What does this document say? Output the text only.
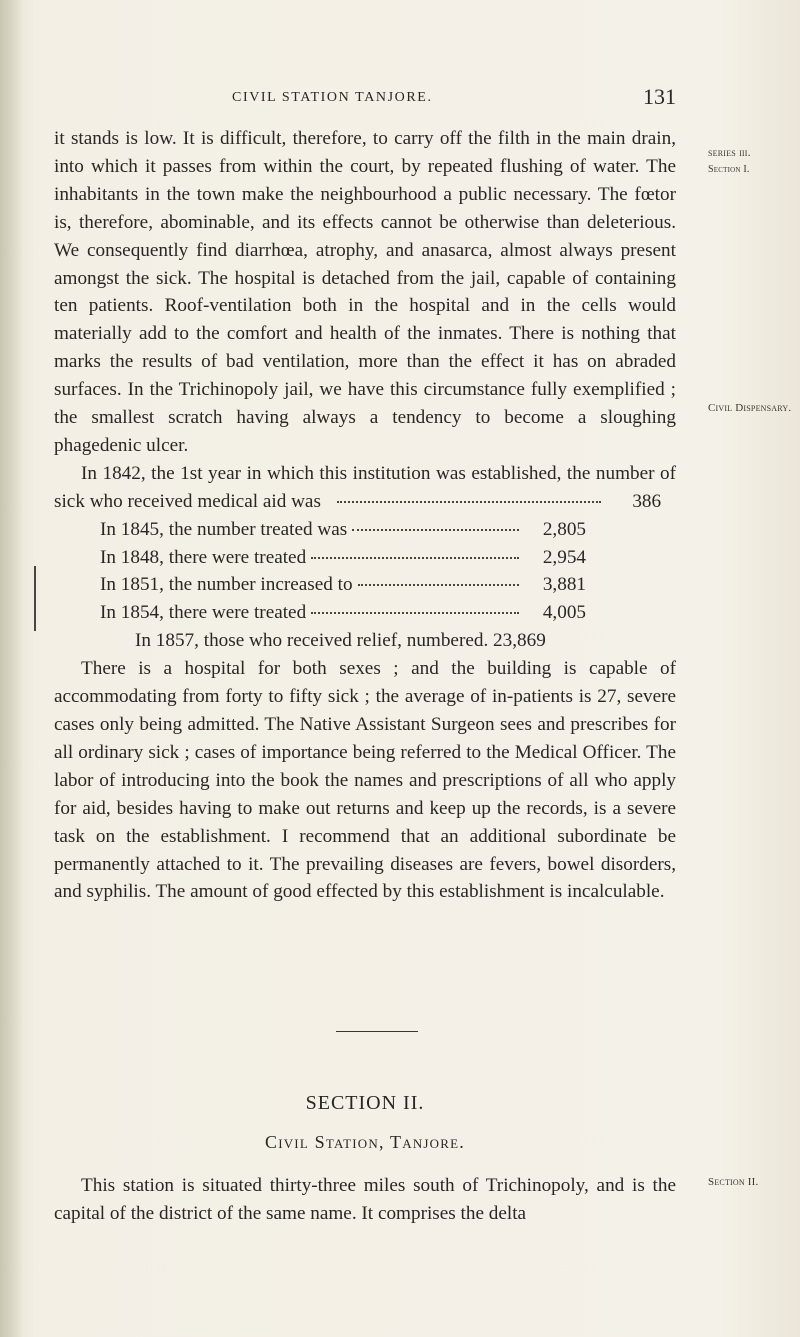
CIVIL STATION TANJORE.	131
series iii.
Section I.
Civil Dispensary.
Section II.

it stands is low. It is difficult, therefore, to carry off the filth in the main drain, into which it passes from within the court, by repeated flushing of water. The inhabitants in the town make the neighbourhood a public necessary. The fœtor is, therefore, abominable, and its effects cannot be otherwise than deleterious. We consequently find diarrhœa, atrophy, and anasarca, almost always present amongst the sick. The hospital is detached from the jail, capable of containing ten patients. Roof-ventilation both in the hospital and in the cells would materially add to the comfort and health of the inmates. There is nothing that marks the results of bad ventilation, more than the effect it has on abraded surfaces. In the Trichinopoly jail, we have this circumstance fully exemplified ; the smallest scratch having always a tendency to become a sloughing phagedenic ulcer.

In 1842, the 1st year in which this institution was established, the number of sick who received medical aid was	386
In 1845, the number treated was	2,805
In 1848, there were treated	2,954
In 1851, the number increased to	3,881
In 1854, there were treated	4,005

In 1857, those who received relief, numbered. 23,869

There is a hospital for both sexes ; and the building is capable of accommodating from forty to fifty sick ; the average of in-patients is 27, severe cases only being admitted. The Native Assistant Surgeon sees and prescribes for all ordinary sick ; cases of importance being referred to the Medical Officer. The labor of introducing into the book the names and prescriptions of all who apply for aid, besides having to make out returns and keep up the records, is a severe task on the establishment. I recommend that an additional subordinate be permanently attached to it. The prevailing diseases are fevers, bowel disorders, and syphilis. The amount of good effected by this establishment is incalculable.

SECTION II.
Civil Station, Tanjore.

This station is situated thirty-three miles south of Trichinopoly, and is the capital of the district of the same name. It comprises the delta
